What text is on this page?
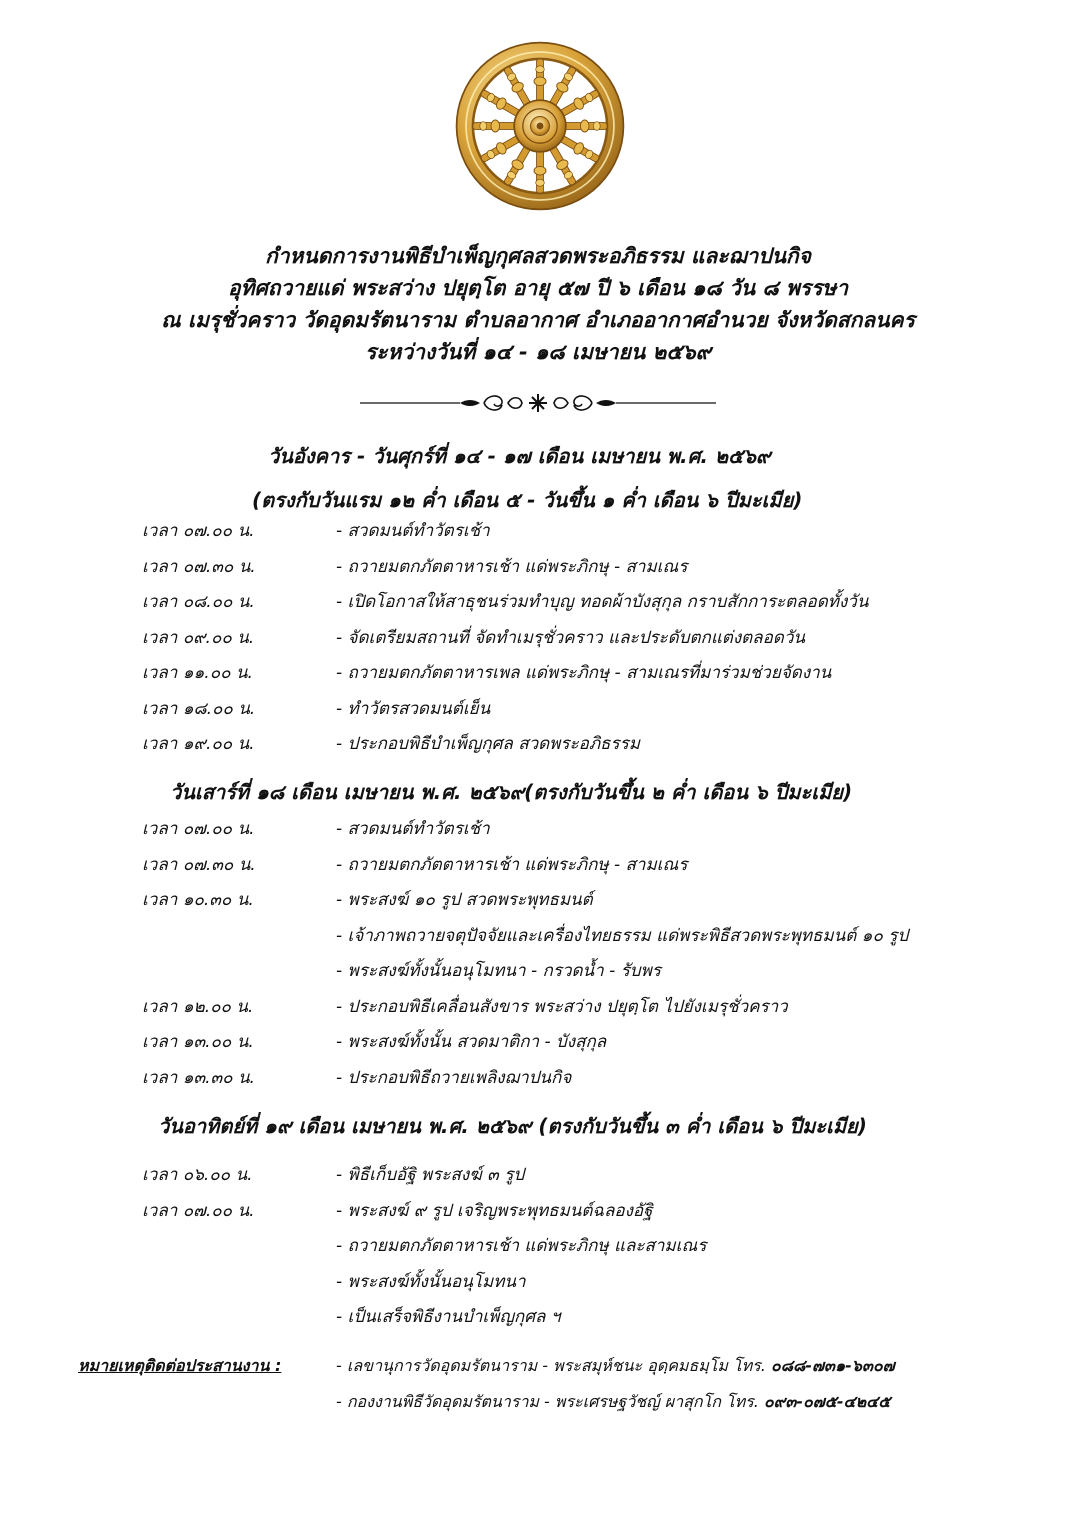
กำหนดการงานพิธีบำเพ็ญกุศลสวดพระอภิธรรม และฌาปนกิจ
อุทิศถวายแด่ พระสว่าง ปยุตฺโต อายุ ๕๗ ปี ๖ เดือน ๑๘ วัน ๘ พรรษา
ณ เมรุชั่วคราว วัดอุดมรัตนาราม ตำบลอากาศ อำเภออากาศอำนวย จังหวัดสกลนคร
ระหว่างวันที่ ๑๔ - ๑๘ เมษายน ๒๕๖๙
วันอังคาร - วันศุกร์ที่ ๑๔ - ๑๗ เดือน เมษายน พ.ศ. ๒๕๖๙
(ตรงกับวันแรม ๑๒ ค่ำ เดือน ๕ - วันขึ้น ๑ ค่ำ เดือน ๖ ปีมะเมีย)
เวลา ๐๗.๐๐ น.	- สวดมนต์ทำวัตรเช้า
เวลา ๐๗.๓๐ น.	- ถวายมตกภัตตาหารเช้า แด่พระภิกษุ - สามเณร
เวลา ๐๘.๐๐ น.	- เปิดโอกาสให้สาธุชนร่วมทำบุญ ทอดผ้าบังสุกุล กราบสักการะตลอดทั้งวัน
เวลา ๐๙.๐๐ น.	- จัดเตรียมสถานที่ จัดทำเมรุชั่วคราว และประดับตกแต่งตลอดวัน
เวลา ๑๑.๐๐ น.	- ถวายมตกภัตตาหารเพล แด่พระภิกษุ - สามเณรที่มาร่วมช่วยจัดงาน
เวลา ๑๘.๐๐ น.	- ทำวัตรสวดมนต์เย็น
เวลา ๑๙.๐๐ น.	- ประกอบพิธีบำเพ็ญกุศล สวดพระอภิธรรม
วันเสาร์ที่ ๑๘ เดือน เมษายน พ.ศ. ๒๕๖๙(ตรงกับวันขึ้น ๒ ค่ำ เดือน ๖ ปีมะเมีย)
เวลา ๐๗.๐๐ น.	- สวดมนต์ทำวัตรเช้า
เวลา ๐๗.๓๐ น.	- ถวายมตกภัตตาหารเช้า แด่พระภิกษุ - สามเณร
เวลา ๑๐.๓๐ น.	- พระสงฆ์ ๑๐ รูป สวดพระพุทธมนต์
- เจ้าภาพถวายจตุปัจจัยและเครื่องไทยธรรม แด่พระพิธีสวดพระพุทธมนต์ ๑๐ รูป
- พระสงฆ์ทั้งนั้นอนุโมทนา - กรวดน้ำ - รับพร
เวลา ๑๒.๐๐ น.	- ประกอบพิธีเคลื่อนสังขาร พระสว่าง ปยุตฺโต ไปยังเมรุชั่วคราว
เวลา ๑๓.๐๐ น.	- พระสงฆ์ทั้งนั้น สวดมาติกา - บังสุกุล
เวลา ๑๓.๓๐ น.	- ประกอบพิธีถวายเพลิงฌาปนกิจ
วันอาทิตย์ที่ ๑๙ เดือน เมษายน พ.ศ. ๒๕๖๙ (ตรงกับวันขึ้น ๓ ค่ำ เดือน ๖ ปีมะเมีย)
เวลา ๐๖.๐๐ น.	- พิธีเก็บอัฐิ พระสงฆ์ ๓ รูป
เวลา ๐๗.๐๐ น.	- พระสงฆ์ ๙ รูป เจริญพระพุทธมนต์ฉลองอัฐิ
- ถวายมตกภัตตาหารเช้า แด่พระภิกษุ และสามเณร
- พระสงฆ์ทั้งนั้นอนุโมทนา
- เป็นเสร็จพิธีงานบำเพ็ญกุศล ฯ
หมายเหตุติดต่อประสานงาน :	- เลขานุการวัดอุดมรัตนาราม - พระสมุห์ชนะ อุดฺคมธมฺโม โทร. ๐๘๘-๗๓๑-๖๓๐๗
- กองงานพิธีวัดอุดมรัตนาราม - พระเศรษฐวัชญ์ ผาสุกโก โทร. ๐๙๓-๐๗๕-๔๒๔๕
